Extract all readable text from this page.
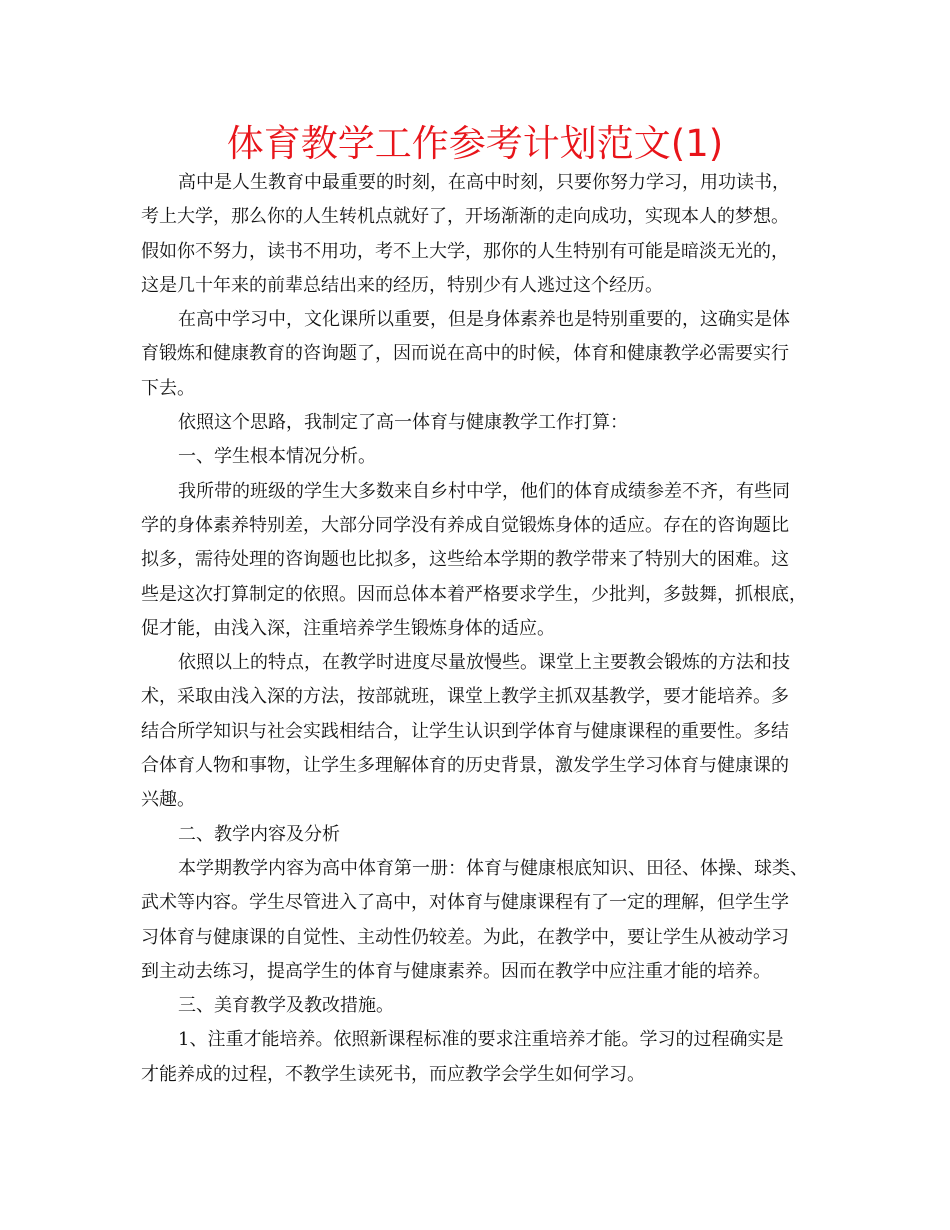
体育教学工作参考计划范文(1)
高中是人生教育中最重要的时刻，在高中时刻，只要你努力学习，用功读书，
考上大学，那么你的人生转机点就好了，开场渐渐的走向成功，实现本人的梦想。
假如你不努力，读书不用功，考不上大学，那你的人生特别有可能是暗淡无光的，
这是几十年来的前辈总结出来的经历，特别少有人逃过这个经历。
在高中学习中，文化课所以重要，但是身体素养也是特别重要的，这确实是体
育锻炼和健康教育的咨询题了，因而说在高中的时候，体育和健康教学必需要实行
下去。
依照这个思路，我制定了高一体育与健康教学工作打算：
一、学生根本情况分析。
我所带的班级的学生大多数来自乡村中学，他们的体育成绩参差不齐，有些同
学的身体素养特别差，大部分同学没有养成自觉锻炼身体的适应。存在的咨询题比
拟多，需待处理的咨询题也比拟多，这些给本学期的教学带来了特别大的困难。这
些是这次打算制定的依照。因而总体本着严格要求学生，少批判，多鼓舞，抓根底，
促才能，由浅入深，注重培养学生锻炼身体的适应。
依照以上的特点，在教学时进度尽量放慢些。课堂上主要教会锻炼的方法和技
术，采取由浅入深的方法，按部就班，课堂上教学主抓双基教学，要才能培养。多
结合所学知识与社会实践相结合，让学生认识到学体育与健康课程的重要性。多结
合体育人物和事物，让学生多理解体育的历史背景，激发学生学习体育与健康课的
兴趣。
二、教学内容及分析
本学期教学内容为高中体育第一册：体育与健康根底知识、田径、体操、球类、
武术等内容。学生尽管进入了高中，对体育与健康课程有了一定的理解，但学生学
习体育与健康课的自觉性、主动性仍较差。为此，在教学中，要让学生从被动学习
到主动去练习，提高学生的体育与健康素养。因而在教学中应注重才能的培养。
三、美育教学及教改措施。
1、注重才能培养。依照新课程标准的要求注重培养才能。学习的过程确实是
才能养成的过程，不教学生读死书，而应教学会学生如何学习。
